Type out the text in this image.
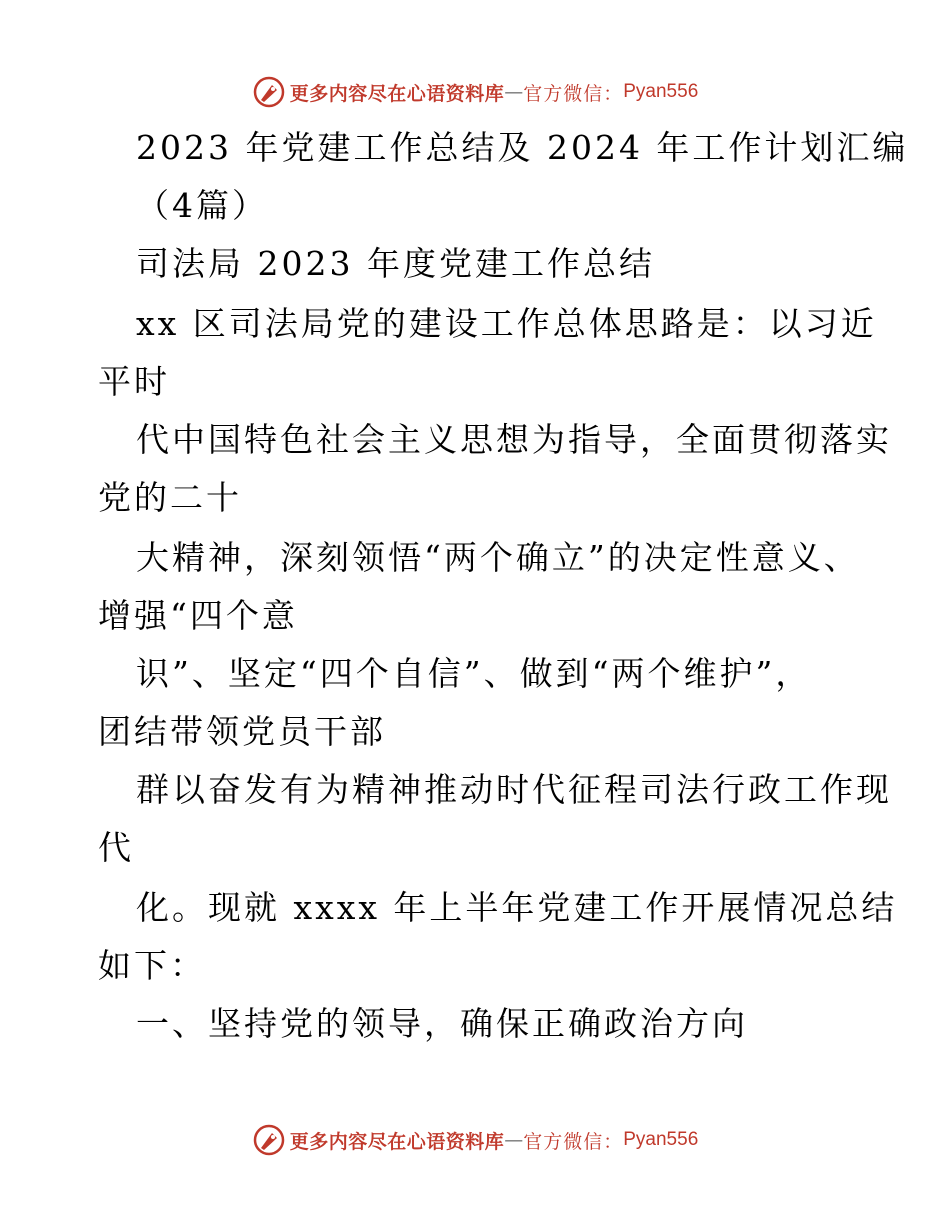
更多内容尽在心语资料库 — 官方微信： Pyan556
2023 年党建工作总结及 2024 年工作计划汇编
（4篇）
司法局 2023 年度党建工作总结
xx 区司法局党的建设工作总体思路是：以习近
平时
代中国特色社会主义思想为指导，全面贯彻落实
党的二十
大精神，深刻领悟“两个确立”的决定性意义、
增强“四个意
识”、坚定“四个自信”、做到“两个维护”，
团结带领党员干部
群以奋发有为精神推动时代征程司法行政工作现
代
化。现就 xxxx 年上半年党建工作开展情况总结
如下：
一、坚持党的领导，确保正确政治方向
更多内容尽在心语资料库 — 官方微信： Pyan556
